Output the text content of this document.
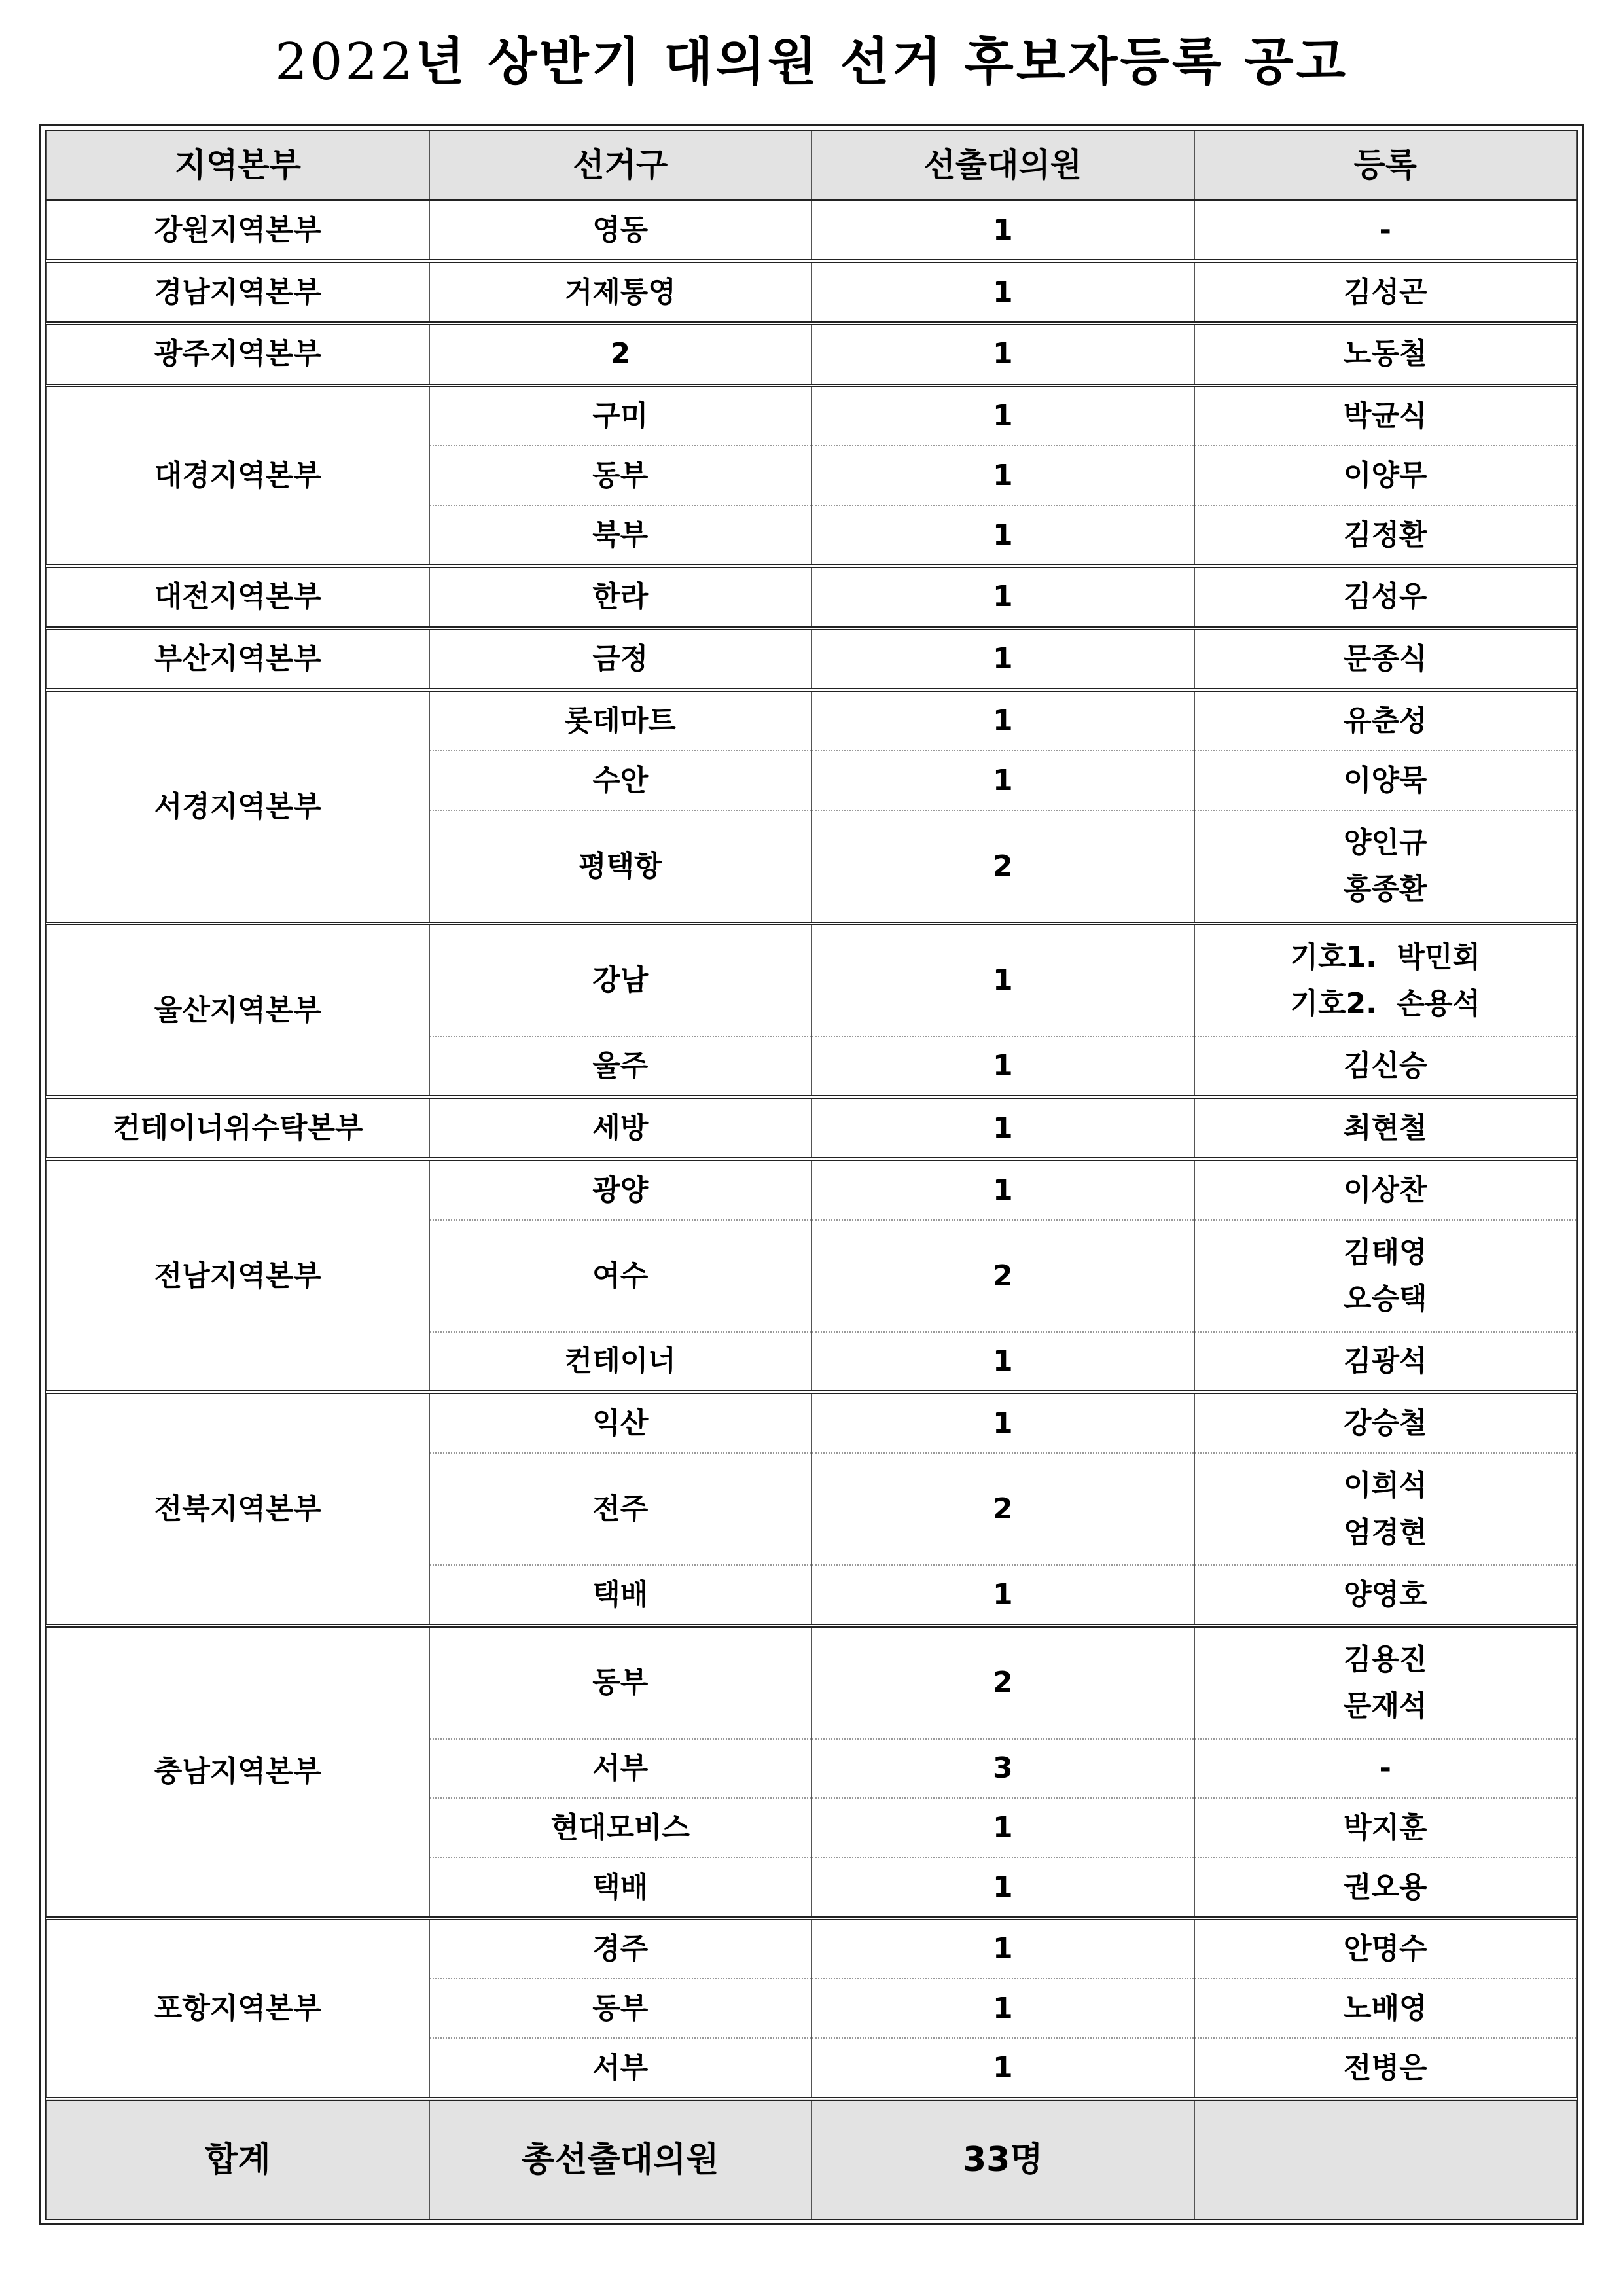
2022년 상반기 대의원 선거 후보자등록 공고
지역본부	선거구	선출대의원	등록
강원지역본부	영동	1	-

경남지역본부	거제통영	1	김성곤

광주지역본부	2	1	노동철

대경지역본부	구미	1	박균식

	동부	1	이양무

	북부	1	김정환

대전지역본부	한라	1	김성우

부산지역본부	금정	1	문종식

서경지역본부	롯데마트	1	유춘성

	수안	1	이양묵

	평택항	2	양인규
홍종환

울산지역본부	강남	1	기호1.  박민회
기호2.  손용석

	울주	1	김신승

컨테이너위수탁본부	세방	1	최현철

전남지역본부	광양	1	이상찬

	여수	2	김태영
오승택

	컨테이너	1	김광석

전북지역본부	익산	1	강승철

	전주	2	이희석
엄경현

	택배	1	양영호

충남지역본부	동부	2	김용진
문재석

	서부	3	-

	현대모비스	1	박지훈

	택배	1	권오용

포항지역본부	경주	1	안명수

	동부	1	노배영

	서부	1	전병은

합계	총선출대의원	33명	
